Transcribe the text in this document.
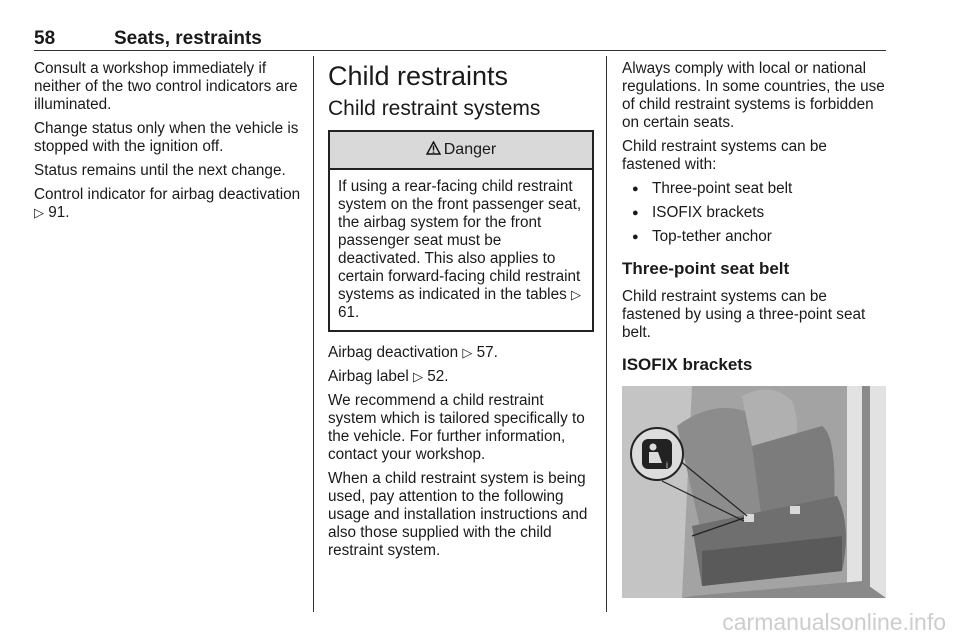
58	Seats, restraints

Consult a workshop immediately if neither of the two control indicators are illuminated.

Change status only when the vehicle is stopped with the ignition off.

Status remains until the next change.

Control indicator for airbag deactivation ▷ 91.

Child restraints
Child restraint systems
Danger
If using a rear-facing child restraint system on the front passenger seat, the airbag system for the front passenger seat must be deactivated. This also applies to certain forward-facing child restraint systems as indicated in the tables ▷ 61.

Airbag deactivation ▷ 57.

Airbag label ▷ 52.

We recommend a child restraint system which is tailored specifically to the vehicle. For further information, contact your workshop.

When a child restraint system is being used, pay attention to the following usage and installation instructions and also those supplied with the child restraint system.

Always comply with local or national regulations. In some countries, the use of child restraint systems is forbidden on certain seats.

Child restraint systems can be fastened with:

● Three-point seat belt
● ISOFIX brackets
● Top-tether anchor
Three-point seat belt

Child restraint systems can be fastened by using a three-point seat belt.

ISOFIX brackets
i
carmanualsonline.info
